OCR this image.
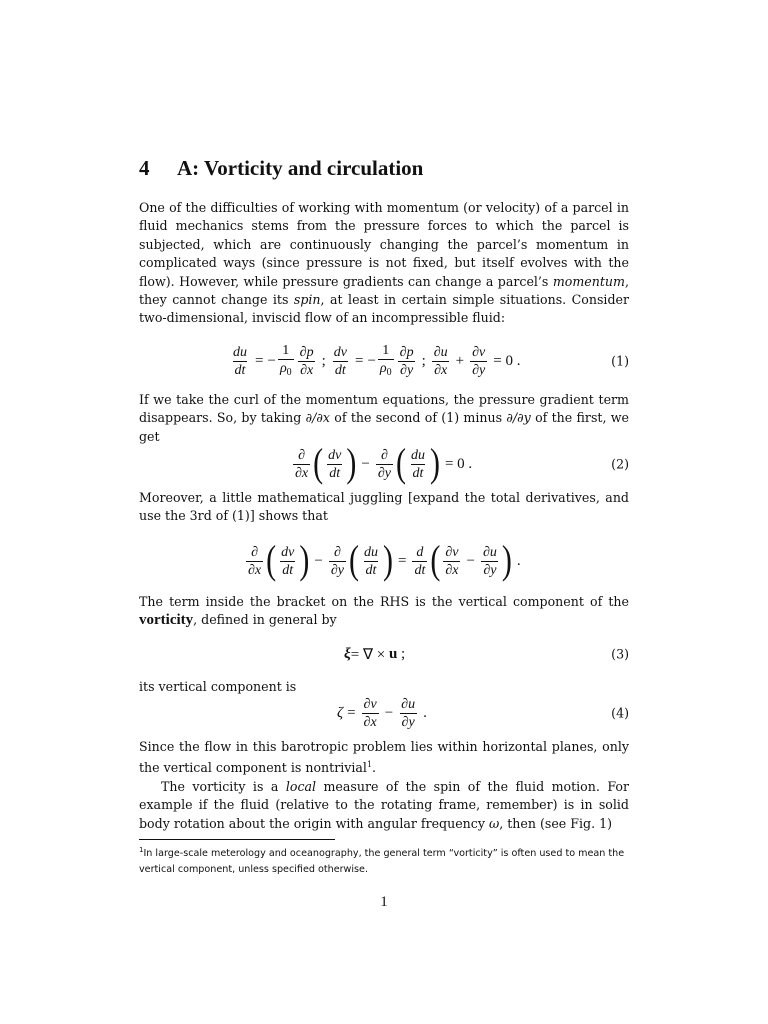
4	A: Vorticity and circulation

One of the difficulties of working with momentum (or velocity) of a parcel in fluid mechanics stems from the pressure forces to which the parcel is subjected, which are continuously changing the parcel’s momentum in complicated ways (since pressure is not fixed, but itself evolves with the flow). However, while pressure gradients can change a parcel’s momentum, they cannot change its spin, at least in certain simple situations. Consider two-dimensional, inviscid flow of an incompressible fluid:

$\frac{du}{dt}$ = − $\frac{1}{\rho_0} \frac{\partial p}{\partial x}$ ; $\frac{dv}{dt}$ = − $\frac{1}{\rho_0} \frac{\partial p}{\partial y}$ ; $\frac{\partial u}{\partial x} + \frac{\partial v}{\partial y} = 0$ .	(1)

If we take the curl of the momentum equations, the pressure gradient term disappears. So, by taking ∂/∂x of the second of (1) minus ∂/∂y of the first, we get

$\frac{\partial}{\partial x}$ ( $\frac{dv}{dt}$ ) − $\frac{\partial}{\partial y}$ ( $\frac{du}{dt}$ ) = 0 .	(2)

Moreover, a little mathematical juggling [expand the total derivatives, and use the 3rd of (1)] shows that

$\frac{\partial}{\partial x}$ ( $\frac{dv}{dt}$ ) − $\frac{\partial}{\partial y}$ ( $\frac{du}{dt}$ ) = $\frac{d}{dt}$ ( $\frac{\partial v}{\partial x} - \frac{\partial u}{\partial y}$ ) .

The term inside the bracket on the RHS is the vertical component of the vorticity, defined in general by

ξ = ∇ × u ;	(3)

its vertical component is

$\zeta = \frac{\partial v}{\partial x} - \frac{\partial u}{\partial y}$ .	(4)

Since the flow in this barotropic problem lies within horizontal planes, only the vertical component is nontrivial$^1$.

The vorticity is a local measure of the spin of the fluid motion. For example if the fluid (relative to the rotating frame, remember) is in solid body rotation about the origin with angular frequency ω, then (see Fig. 1)

$^1$In large-scale meterology and oceanography, the general term “vorticity” is often used to mean the vertical component, unless specified otherwise.
1
